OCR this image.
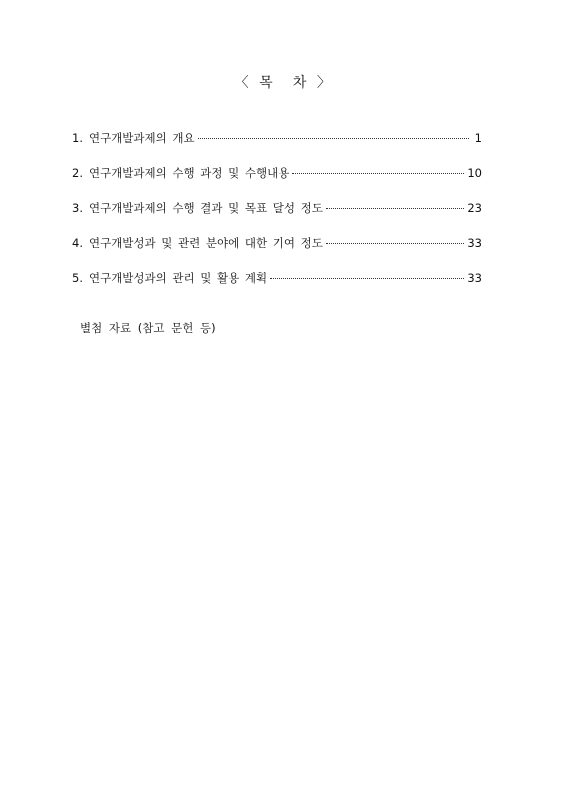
〈  목    차  〉
1. 연구개발과제의 개요	1
2. 연구개발과제의 수행 과정 및 수행내용	10
3. 연구개발과제의 수행 결과 및 목표 달성 정도	23
4. 연구개발성과 및 관련 분야에 대한 기여 정도	33
5. 연구개발성과의 관리 및 활용 계획	33
별첨 자료 (참고 문헌 등)
